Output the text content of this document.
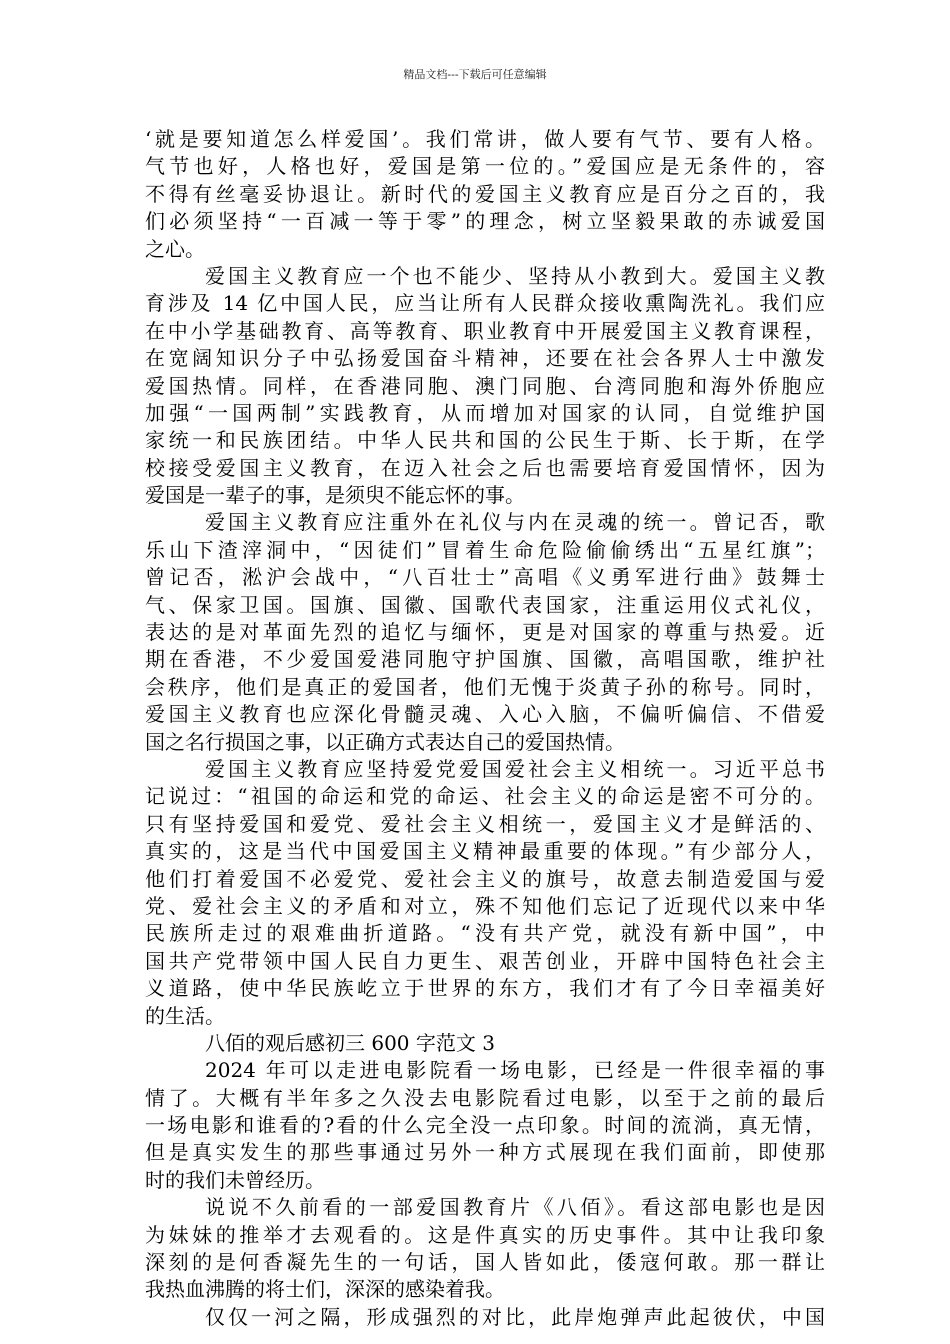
精品文档---下载后可任意编辑
‘就是要知道怎么样爱国’。我们常讲，做人要有气节、要有人格。
气节也好，人格也好，爱国是第一位的。”爱国应是无条件的，容
不得有丝毫妥协退让。新时代的爱国主义教育应是百分之百的，我
们必须坚持“一百减一等于零”的理念，树立坚毅果敢的赤诚爱国
之心。
爱国主义教育应一个也不能少、坚持从小教到大。爱国主义教
育涉及 14 亿中国人民，应当让所有人民群众接收熏陶洗礼。我们应
在中小学基础教育、高等教育、职业教育中开展爱国主义教育课程，
在宽阔知识分子中弘扬爱国奋斗精神，还要在社会各界人士中激发
爱国热情。同样，在香港同胞、澳门同胞、台湾同胞和海外侨胞应
加强“一国两制”实践教育，从而增加对国家的认同，自觉维护国
家统一和民族团结。中华人民共和国的公民生于斯、长于斯，在学
校接受爱国主义教育，在迈入社会之后也需要培育爱国情怀，因为
爱国是一辈子的事，是须臾不能忘怀的事。
爱国主义教育应注重外在礼仪与内在灵魂的统一。曾记否，歌
乐山下渣滓洞中，“因徒们”冒着生命危险偷偷绣出“五星红旗”；
曾记否，淞沪会战中，“八百壮士”高唱《义勇军进行曲》鼓舞士
气、保家卫国。国旗、国徽、国歌代表国家，注重运用仪式礼仪，
表达的是对革面先烈的追忆与缅怀，更是对国家的尊重与热爱。近
期在香港，不少爱国爱港同胞守护国旗、国徽，高唱国歌，维护社
会秩序，他们是真正的爱国者，他们无愧于炎黄子孙的称号。同时，
爱国主义教育也应深化骨髓灵魂、入心入脑，不偏听偏信、不借爱
国之名行损国之事，以正确方式表达自己的爱国热情。
爱国主义教育应坚持爱党爱国爱社会主义相统一。习近平总书
记说过：“祖国的命运和党的命运、社会主义的命运是密不可分的。
只有坚持爱国和爱党、爱社会主义相统一，爱国主义才是鲜活的、
真实的，这是当代中国爱国主义精神最重要的体现。”有少部分人，
他们打着爱国不必爱党、爱社会主义的旗号，故意去制造爱国与爱
党、爱社会主义的矛盾和对立，殊不知他们忘记了近现代以来中华
民族所走过的艰难曲折道路。“没有共产党，就没有新中国”，中
国共产党带领中国人民自力更生、艰苦创业，开辟中国特色社会主
义道路，使中华民族屹立于世界的东方，我们才有了今日幸福美好
的生活。
八佰的观后感初三 600 字范文 3
2024 年可以走进电影院看一场电影，已经是一件很幸福的事
情了。大概有半年多之久没去电影院看过电影，以至于之前的最后
一场电影和谁看的?看的什么完全没一点印象。时间的流淌，真无情，
但是真实发生的那些事通过另外一种方式展现在我们面前，即使那
时的我们未曾经历。
说说不久前看的一部爱国教育片《八佰》。看这部电影也是因
为妹妹的推举才去观看的。这是件真实的历史事件。其中让我印象
深刻的是何香凝先生的一句话，国人皆如此，倭寇何敢。那一群让
我热血沸腾的将士们，深深的感染着我。
仅仅一河之隔，形成强烈的对比，此岸炮弹声此起彼伏，中国
